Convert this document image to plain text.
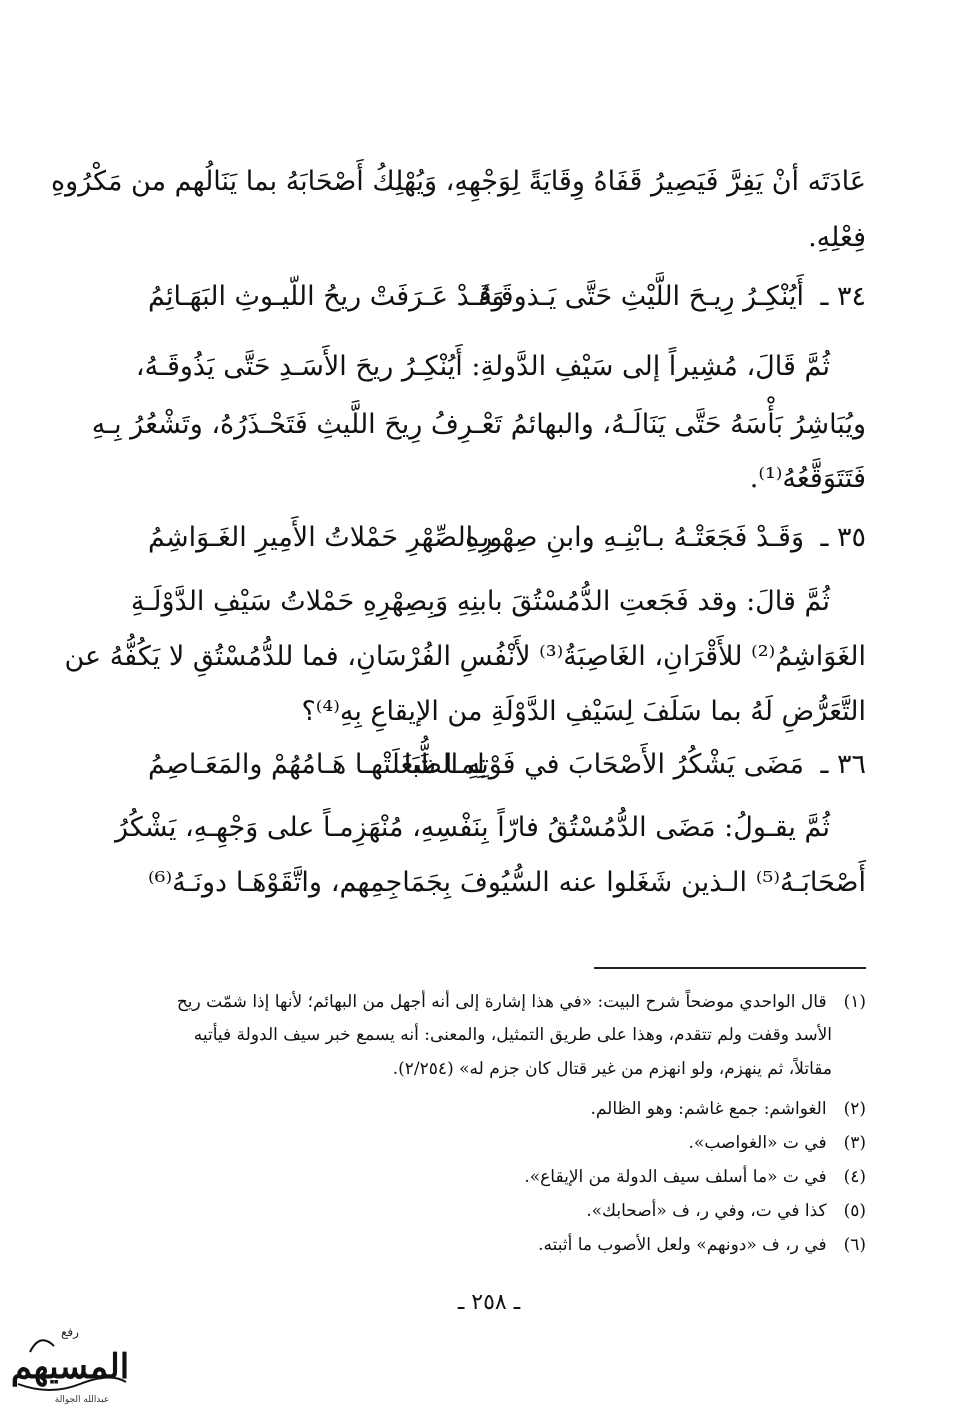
عَادَتَه أنْ يَفِرَّ فَيَصِيرُ قَفَاهُ وِقَايَةً لِوَجْهِهِ، وَيُهْلِكُ أَصْحَابَهُ بما يَنَالُهم من مَكْرُوهِ
فِعْلِهِ.
٣٤ ـ
أَيُنْكِـرُ رِيـحَ اللَّيْثِ حَتَّى يَـذوقَـهُ
وَقَـدْ عَـرَفَتْ ريحُ اللّيـوثِ البَهَـائِمُ
ثُمَّ قَالَ، مُشِيراً إلى سَيْفِ الدَّولةِ: أَيُنْكِـرُ ريحَ الأَسَـدِ حَتَّى يَذُوقَـهُ،
ويُبَاشِرُ بَأْسَهُ حَتَّى يَنَالَـهُ، والبهائمُ تَعْـرِفُ رِيحَ اللَّيثِ فَتَحْـذَرُهُ، وتَشْعُرُ بِـهِ
فَتَتَوَقَّعُهُ⁽¹⁾.
٣٥ ـ
وَقَـدْ فَجَعَتْـهُ بـابْنِـهِ وابنِ صِهْـرِهِ
وبـالصِّهْرِ حَمْلاتُ الأَمِيرِ الغَـوَاشِمُ
ثُمَّ قالَ: وقد فَجَعتِ الدُّمُسْتُقَ بابنِهِ وَبِصِهْرِهِ حَمْلاتُ سَيْفِ الدَّوْلَـةِ
الغَوَاشِمُ⁽²⁾ للأَقْرَانِ، الغَاصِبَةُ⁽³⁾ لأَنْفُسِ الفُرْسَانِ، فما للدُّمُسْتُقِ لا يَكُفُّهُ عن
التَّعَرُّضِ لَهُ بما سَلَفَ لِسَيْفِ الدَّوْلَةِ من الإيقاعِ بِهِ⁽⁴⁾؟
٣٦ ـ
مَضَى يَشْكُرُ الأَصْحَابَ في فَوْتِهِ الظُّبَا
لِمـا شَغَلَتْهـا هَـامُهُمْ والمَعَـاصِمُ
ثُمَّ يقـولُ: مَضَى الدُّمُسْتُقُ فارّاً بِنَفْسِهِ، مُنْهَزِمـاً على وَجْهِـهِ، يَشْكُرُ
أَصْحَابَـهُ⁽⁵⁾ الـذين شَغَلوا عنه السُّيُوفَ بِجَمَاجِمِهم، واتَّقَوْهَـا دونَـهُ⁽⁶⁾
(١) قال الواحدي موضحاً شرح البيت: «في هذا إشارة إلى أنه أجهل من البهائم؛ لأنها إذا شمّت ريح
الأسد وقفت ولم تتقدم، وهذا على طريق التمثيل، والمعنى: أنه يسمع خبر سيف الدولة فيأتيه
مقاتلاً، ثم ينهزم، ولو انهزم من غير قتال كان جزم له» (٢/٢٥٤).
(٢) الغواشم: جمع غاشم: وهو الظالم.
(٣) في ت «الغواصب».
(٤) في ت «ما أسلف سيف الدولة من الإيقاع».
(٥) كذا في ت، وفي ر، ف «أصحابك».
(٦) في ر، ف «دونهم» ولعل الأصوب ما أثبته.
ـ ٢٥٨ ـ
رفع
المسيهم
عبدالله الجوالة
